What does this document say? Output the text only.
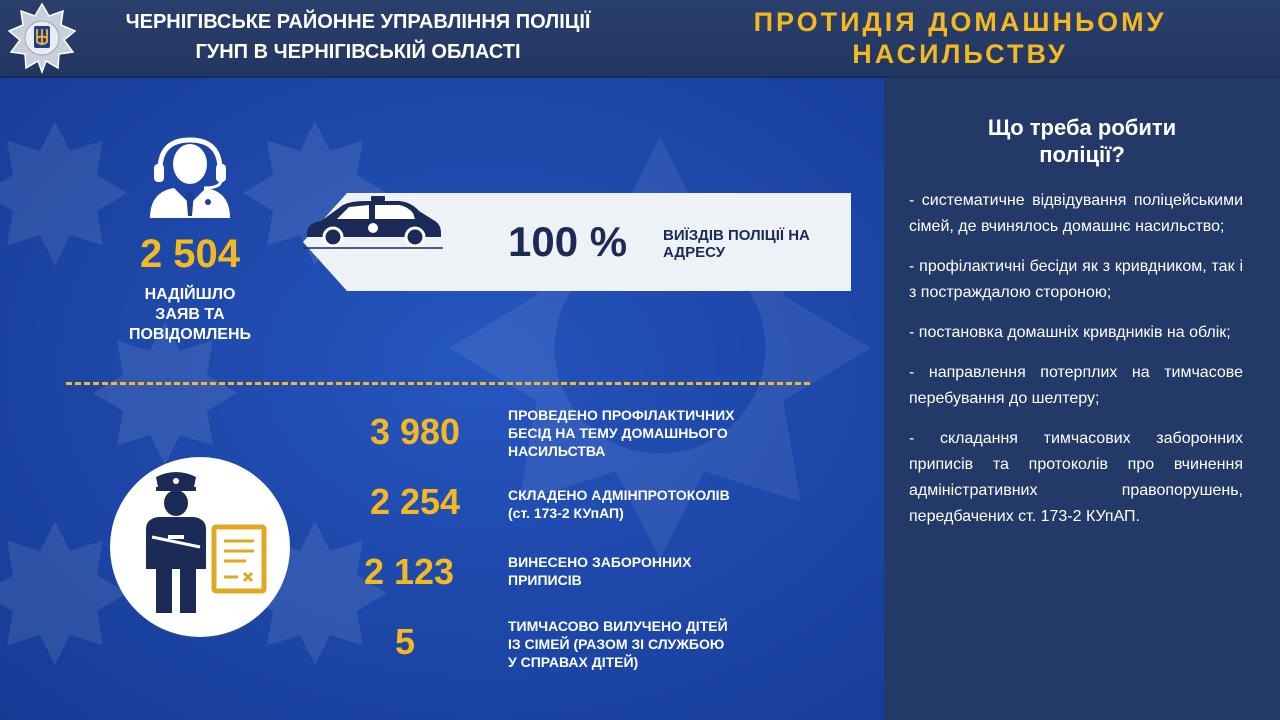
ЧЕРНІГІВСЬКЕ РАЙОННЕ УПРАВЛІННЯ ПОЛІЦІЇ
ГУНП В ЧЕРНІГІВСЬКІЙ ОБЛАСТІ
ПРОТИДІЯ ДОМАШНЬОМУ
НАСИЛЬСТВУ
2 504
НАДІЙШЛО
ЗАЯВ ТА
ПОВІДОМЛЕНЬ
100 % ВИЇЗДІВ ПОЛІЦІЇ НА
АДРЕСУ
3 980	ПРОВЕДЕНО ПРОФІЛАКТИЧНИХ
БЕСІД НА ТЕМУ ДОМАШНЬОГО
НАСИЛЬСТВА
2 254	СКЛАДЕНО АДМІНПРОТОКОЛІВ
(ст. 173-2 КУпАП)
2 123	ВИНЕСЕНО ЗАБОРОННИХ
ПРИПИСІВ
5	ТИМЧАСОВО ВИЛУЧЕНО ДІТЕЙ
ІЗ СІМЕЙ (РАЗОМ ЗІ СЛУЖБОЮ
У СПРАВАХ ДІТЕЙ)
Що треба робити
поліції?
- систематичне відвідування поліцейськими сімей, де вчинялось домашнє насильство;
- профілактичні бесіди як з кривдником, так і з постраждалою стороною;
- постановка домашніх кривдників на облік;
- направлення потерплих на тимчасове перебування до шелтеру;
- складання тимчасових заборонних приписів та протоколів про вчинення адміністративних правопорушень, передбачених ст. 173-2 КУпАП.
